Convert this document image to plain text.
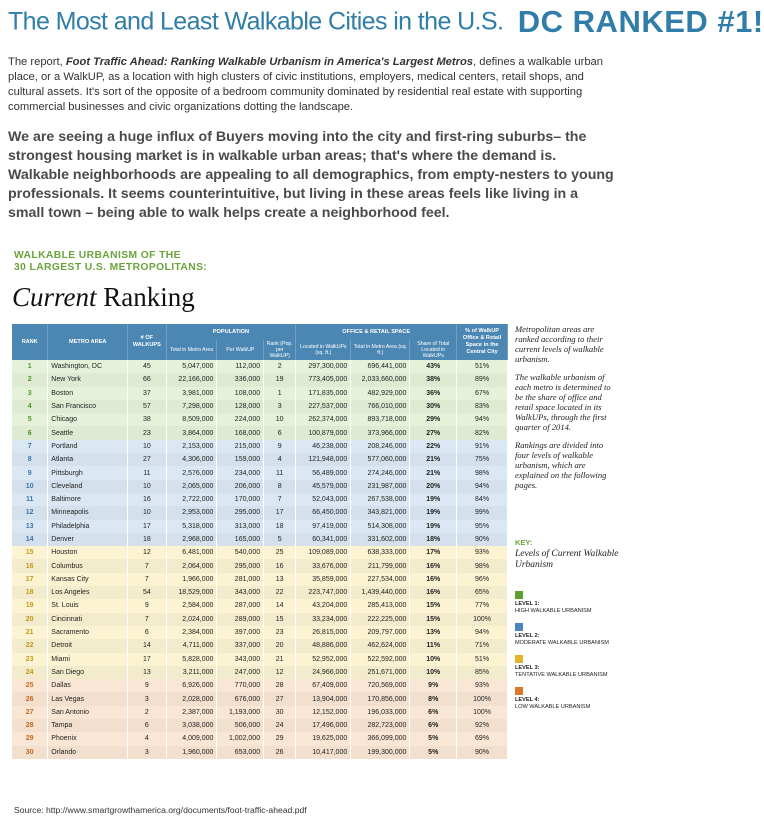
The Most and Least Walkable Cities in the U.S. DC RANKED #1!
The report, Foot Traffic Ahead: Ranking Walkable Urbanism in America's Largest Metros, defines a walkable urban place, or a WalkUP, as a location with high clusters of civic institutions, employers, medical centers, retail shops, and cultural assets. It's sort of the opposite of a bedroom community dominated by residential real estate with supporting commercial businesses and civic organizations dotting the landscape.
We are seeing a huge influx of Buyers moving into the city and first-ring suburbs– the strongest housing market is in walkable urban areas; that's where the demand is. Walkable neighborhoods are appealing to all demographics, from empty-nesters to young professionals. It seems counterintuitive, but living in these areas feels like living in a small town – being able to walk helps create a neighborhood feel.
WALKABLE URBANISM OF THE
30 LARGEST U.S. METROPOLITANS:
Current Ranking
RANK	METRO AREA	# OF WALKUPS	POPULATION			OFFICE & RETAIL SPACE			% of WalkUP Office & Retail Space in the Central City
			Total in Metro Area	Per WalkUP	Rank (Pop. per WalkUP)	Located in WalkUPs (sq. ft.)	Total in Metro Area (sq. ft.)	Share of Total Located in WalkUPs	
1	Washington, DC	45	5,047,000	112,000	2	297,300,000	696,441,000	43%	51%
2	New York	66	22,166,000	336,000	19	773,405,000	2,033,660,000	38%	89%
3	Boston	37	3,981,000	108,000	1	171,835,000	482,929,000	36%	67%
4	San Francisco	57	7,298,000	128,000	3	227,537,000	766,010,000	30%	83%
5	Chicago	38	8,509,000	224,000	10	262,374,000	893,718,000	29%	94%
6	Seattle	23	3,864,000	168,000	6	100,879,000	373,966,000	27%	82%
7	Portland	10	2,153,000	215,000	9	46,238,000	208,246,000	22%	91%
8	Atlanta	27	4,306,000	159,000	4	121,948,000	577,060,000	21%	75%
9	Pittsburgh	11	2,576,000	234,000	11	56,489,000	274,246,000	21%	98%
10	Cleveland	10	2,065,000	206,000	8	45,579,000	231,987,000	20%	94%
11	Baltimore	16	2,722,000	170,000	7	52,043,000	267,538,000	19%	84%
12	Minneapolis	10	2,953,000	295,000	17	66,450,000	343,821,000	19%	99%
13	Philadelphia	17	5,318,000	313,000	18	97,419,000	514,308,000	19%	95%
14	Denver	18	2,968,000	165,000	5	60,341,000	331,602,000	18%	90%
15	Houston	12	6,481,000	540,000	25	109,089,000	638,333,000	17%	93%
16	Columbus	7	2,064,000	295,000	16	33,676,000	211,799,000	16%	98%
17	Kansas City	7	1,966,000	281,000	13	35,859,000	227,534,000	16%	96%
18	Los Angeles	54	18,529,000	343,000	22	223,747,000	1,439,440,000	16%	65%
19	St. Louis	9	2,584,000	287,000	14	43,204,000	285,413,000	15%	77%
20	Cincinnati	7	2,024,000	289,000	15	33,234,000	222,225,000	15%	100%
21	Sacramento	6	2,384,000	397,000	23	26,815,000	209,797,000	13%	94%
22	Detroit	14	4,711,000	337,000	20	48,886,000	462,624,000	11%	71%
23	Miami	17	5,828,000	343,000	21	52,952,000	522,592,000	10%	51%
24	San Diego	13	3,211,000	247,000	12	24,966,000	251,671,000	10%	85%
25	Dallas	9	6,926,000	770,000	28	67,409,000	720,569,000	9%	93%
26	Las Vegas	3	2,028,000	676,000	27	13,904,000	170,856,000	8%	100%
27	San Antonio	2	2,387,000	1,193,000	30	12,152,000	196,033,000	6%	100%
28	Tampa	6	3,038,000	506,000	24	17,496,000	282,723,000	6%	92%
29	Phoenix	4	4,009,000	1,002,000	29	19,625,000	366,099,000	5%	69%
30	Orlando	3	1,960,000	653,000	26	10,417,000	199,300,000	5%	90%

Metropolitan areas are ranked according to their current levels of walkable urbanism.

The walkable urbanism of each metro is determined to be the share of office and retail space located in its WalkUPs, through the first quarter of 2014.

Rankings are divided into four levels of walkable urbanism, which are explained on the following pages.

KEY:
Levels of Current Walkable Urbanism
LEVEL 1:
HIGH WALKABLE URBANISM
LEVEL 2:
MODERATE WALKABLE URBANISM
LEVEL 3:
TENTATIVE WALKABLE URBANISM
LEVEL 4:
LOW WALKABLE URBANISM
Source: http://www.smartgrowthamerica.org/documents/foot-traffic-ahead.pdf
